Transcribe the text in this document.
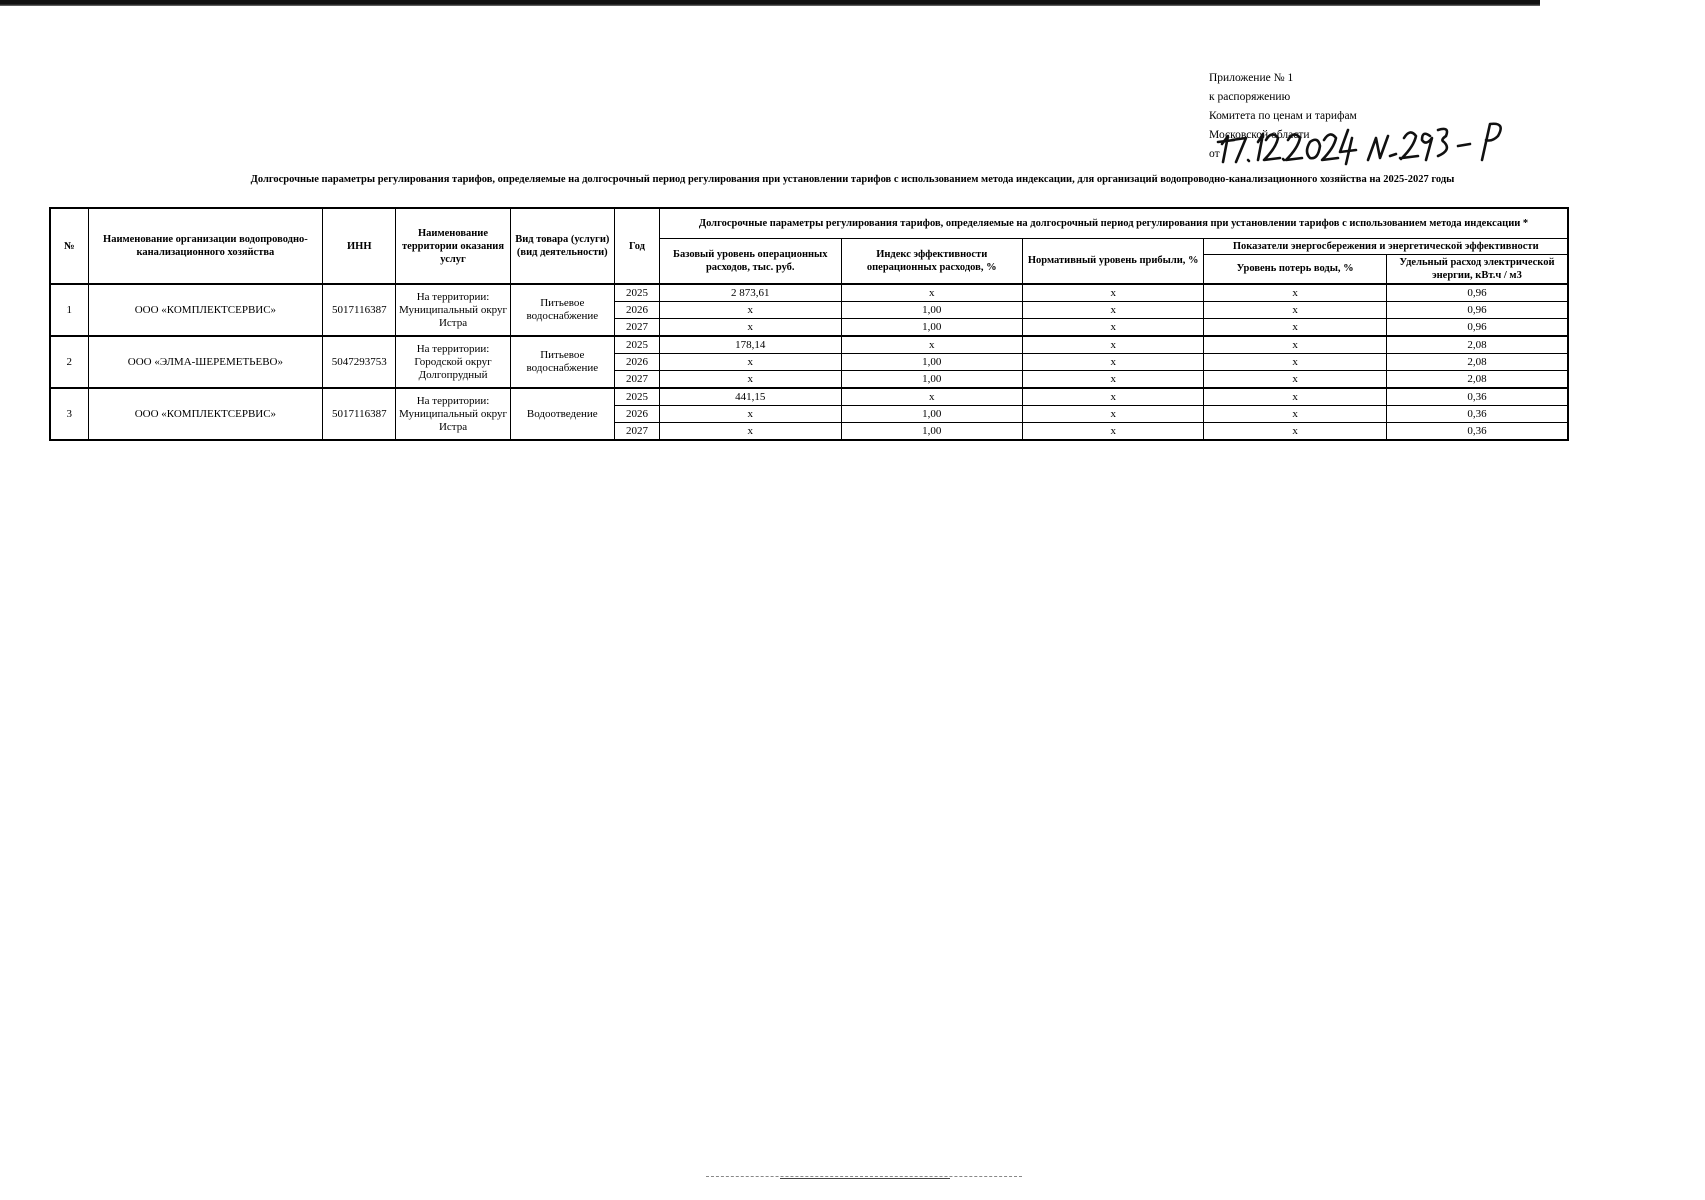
Приложение № 1
к распоряжению
Комитета по ценам и тарифам
Московской области
от
Долгосрочные параметры регулирования тарифов, определяемые на долгосрочный период регулирования при установлении тарифов с использованием метода индексации, для организаций водопроводно-канализационного хозяйства на 2025-2027 годы
№	Наименование организации водопроводно-канализационного хозяйства	ИНН	Наименование территории оказания услуг	Вид товара (услуги) (вид деятельности)	Год	Долгосрочные параметры регулирования тарифов, определяемые на долгосрочный период регулирования при установлении тарифов с использованием метода индексации *				
						Базовый уровень операционных расходов, тыс. руб.	Индекс эффективности операционных расходов, %	Нормативный уровень прибыли, %	Показатели энергосбережения и энергетической эффективности	
									Уровень потерь воды, %	Удельный расход электрической энергии, кВт.ч / м3
1	ООО «КОМПЛЕКТСЕРВИС»	5017116387	На территории: Муниципальный округ Истра	Питьевое водоснабжение	2025	2 873,61	x	x	x	0,96
					2026	x	1,00	x	x	0,96
					2027	x	1,00	x	x	0,96
2	ООО «ЭЛМА-ШЕРЕМЕТЬЕВО»	5047293753	На территории: Городской округ Долгопрудный	Питьевое водоснабжение	2025	178,14	x	x	x	2,08
					2026	x	1,00	x	x	2,08
					2027	x	1,00	x	x	2,08
3	ООО «КОМПЛЕКТСЕРВИС»	5017116387	На территории: Муниципальный округ Истра	Водоотведение	2025	441,15	x	x	x	0,36
					2026	x	1,00	x	x	0,36
					2027	x	1,00	x	x	0,36
